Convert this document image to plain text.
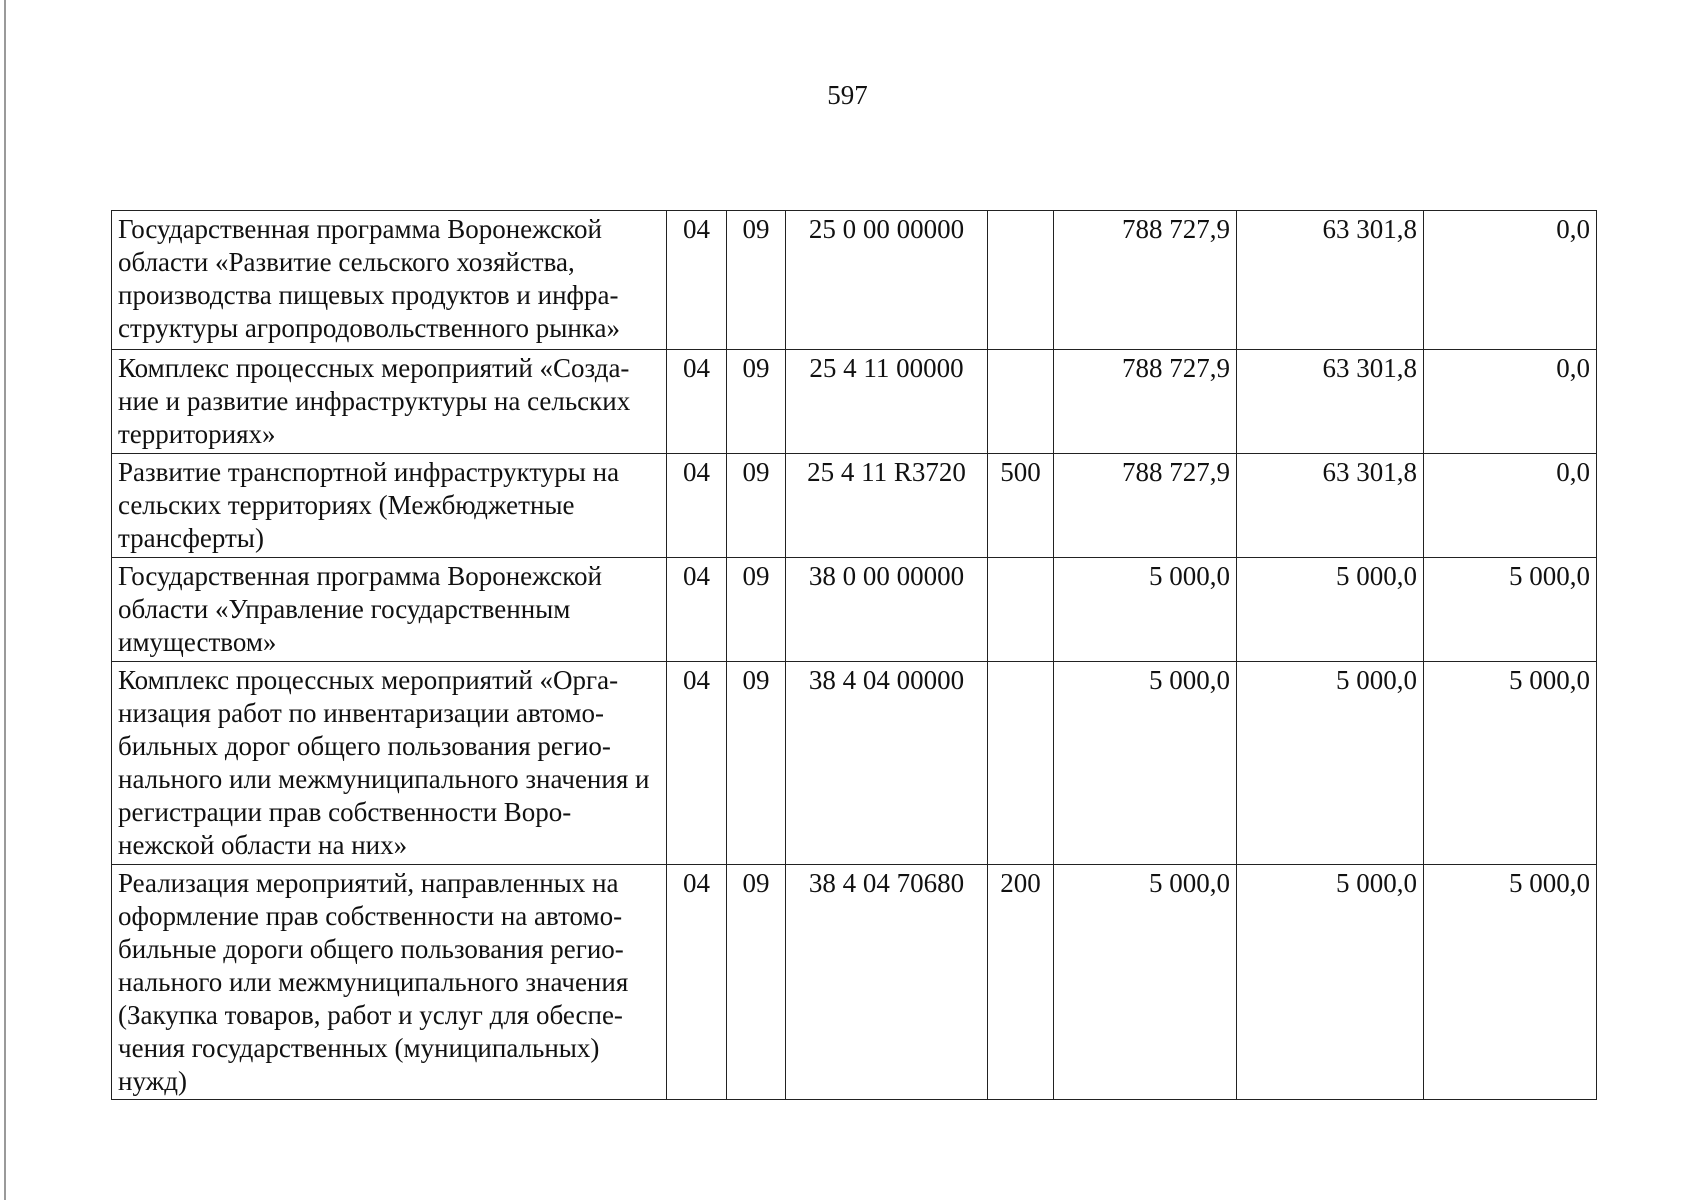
597
Государственная программа Воронежской области «Развитие сельского хозяйства, производства пищевых продуктов и инфра-структуры агропродовольственного рынка»	04	09	25 0 00 00000		788 727,9	63 301,8	0,0
Комплекс процессных мероприятий «Созда-ние и развитие инфраструктуры на сельских территориях»	04	09	25 4 11 00000		788 727,9	63 301,8	0,0
Развитие транспортной инфраструктуры на сельских территориях (Межбюджетные трансферты)	04	09	25 4 11 R3720	500	788 727,9	63 301,8	0,0
Государственная программа Воронежской области «Управление государственным имуществом»	04	09	38 0 00 00000		5 000,0	5 000,0	5 000,0
Комплекс процессных мероприятий «Орга-низация работ по инвентаризации автомо-бильных дорог общего пользования регио-нального или межмуниципального значения и регистрации прав собственности Воро-нежской области на них»	04	09	38 4 04 00000		5 000,0	5 000,0	5 000,0
Реализация мероприятий, направленных на оформление прав собственности на автомо-бильные дороги общего пользования регио-нального или межмуниципального значения (Закупка товаров, работ и услуг для обеспе-чения государственных (муниципальных) нужд)	04	09	38 4 04 70680	200	5 000,0	5 000,0	5 000,0
